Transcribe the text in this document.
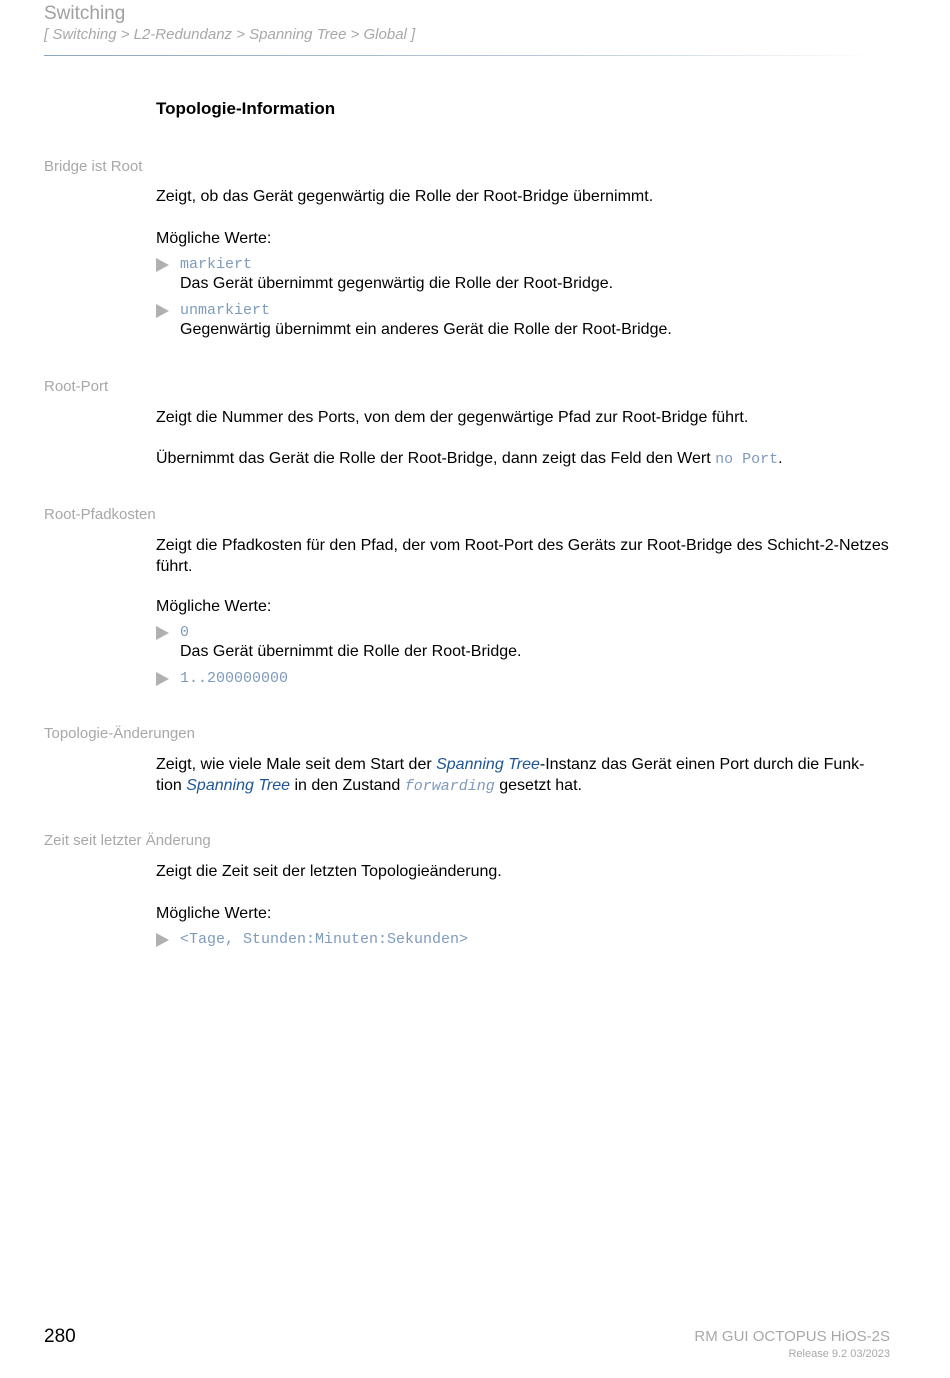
Switching
[ Switching > L2-Redundanz > Spanning Tree > Global ]
Topologie-Information
Bridge ist Root
Zeigt, ob das Gerät gegenwärtig die Rolle der Root-Bridge übernimmt.
Mögliche Werte:
markiert
Das Gerät übernimmt gegenwärtig die Rolle der Root-Bridge.
unmarkiert
Gegenwärtig übernimmt ein anderes Gerät die Rolle der Root-Bridge.
Root-Port
Zeigt die Nummer des Ports, von dem der gegenwärtige Pfad zur Root-Bridge führt.
Übernimmt das Gerät die Rolle der Root-Bridge, dann zeigt das Feld den Wert no Port.
Root-Pfadkosten
Zeigt die Pfadkosten für den Pfad, der vom Root-Port des Geräts zur Root-Bridge des Schicht-2-Netzes führt.
Mögliche Werte:
0
Das Gerät übernimmt die Rolle der Root-Bridge.
1..200000000
Topologie-Änderungen
Zeigt, wie viele Male seit dem Start der Spanning Tree-Instanz das Gerät einen Port durch die Funk-
tion Spanning Tree in den Zustand forwarding gesetzt hat.
Zeit seit letzter Änderung
Zeigt die Zeit seit der letzten Topologieänderung.
Mögliche Werte:
<Tage, Stunden:Minuten:Sekunden>
280	RM GUI OCTOPUS HiOS-2S
Release 9.2 03/2023
